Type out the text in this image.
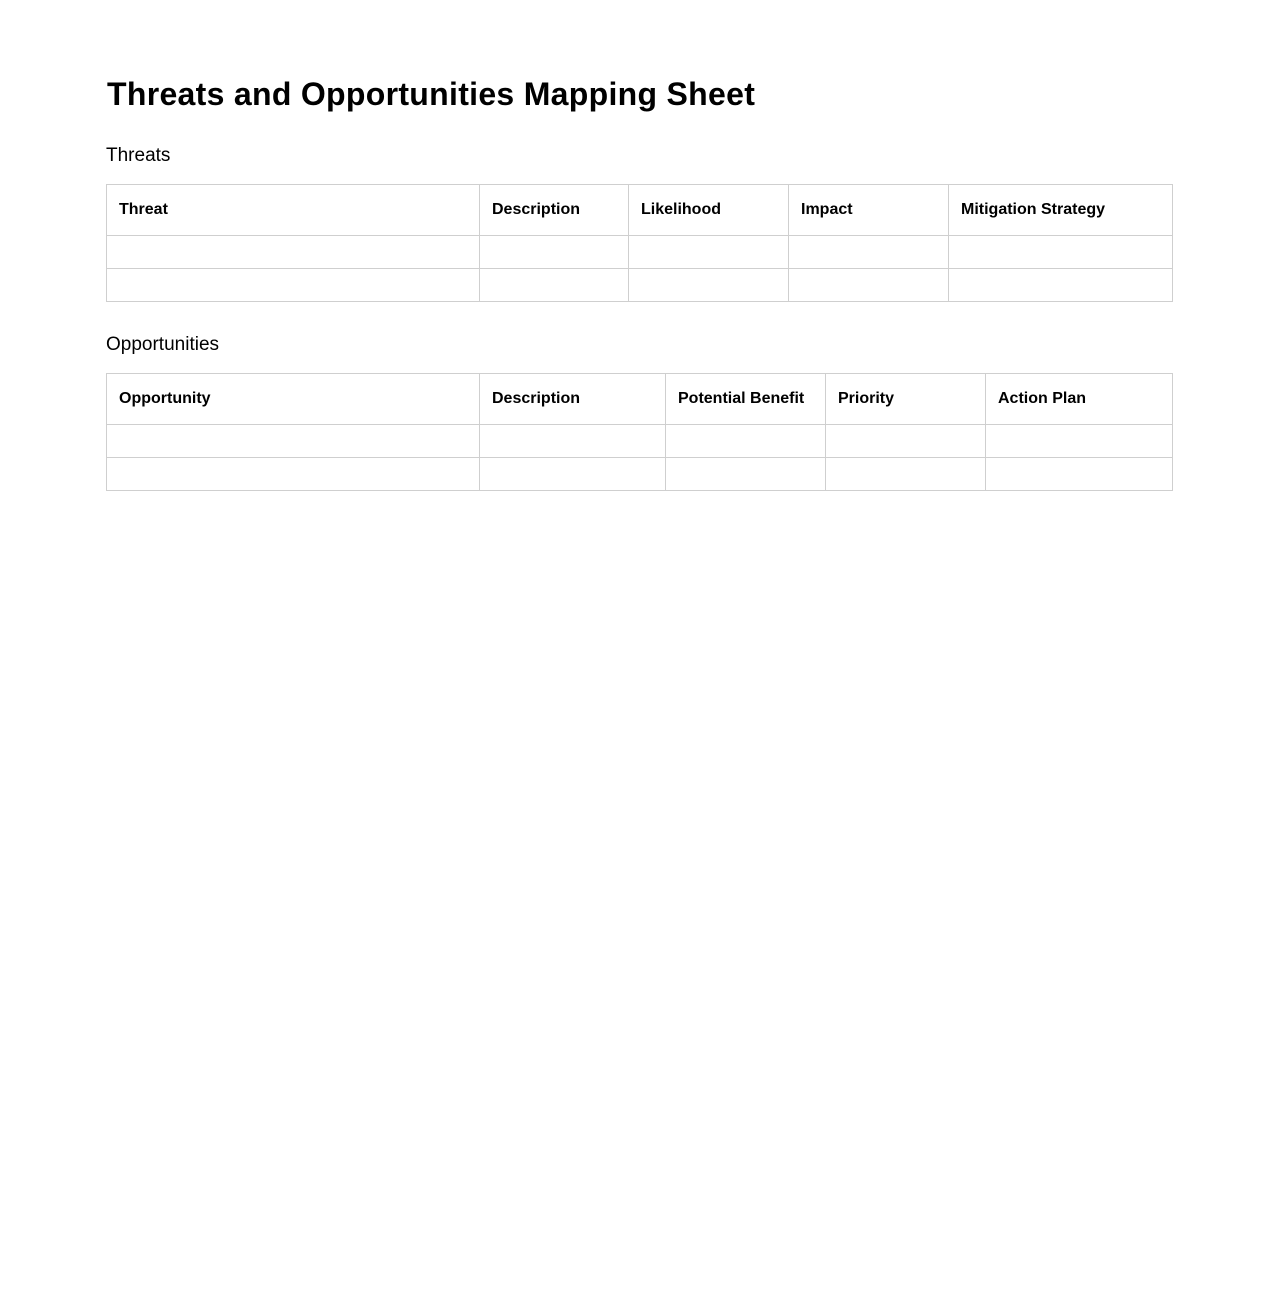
Threats and Opportunities Mapping Sheet
Threats
Threat	Description	Likelihood	Impact	Mitigation Strategy

Opportunities
Opportunity	Description	Potential Benefit	Priority	Action Plan
